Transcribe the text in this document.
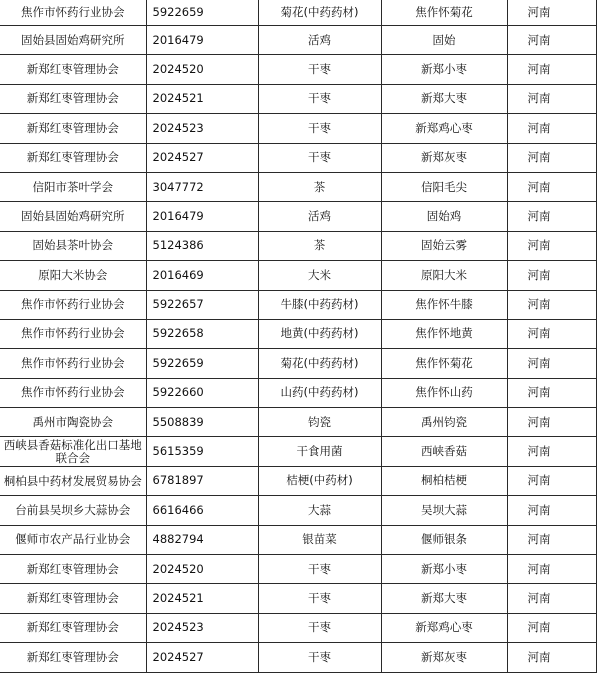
焦作市怀药行业协会	5922659	菊花(中药药材)	焦作怀菊花	河南
固始县固始鸡研究所	2016479	活鸡	固始	河南
新郑红枣管理协会	2024520	干枣	新郑小枣	河南
新郑红枣管理协会	2024521	干枣	新郑大枣	河南
新郑红枣管理协会	2024523	干枣	新郑鸡心枣	河南
新郑红枣管理协会	2024527	干枣	新郑灰枣	河南
信阳市茶叶学会	3047772	茶	信阳毛尖	河南
固始县固始鸡研究所	2016479	活鸡	固始鸡	河南
固始县茶叶协会	5124386	茶	固始云雾	河南
原阳大米协会	2016469	大米	原阳大米	河南
焦作市怀药行业协会	5922657	牛膝(中药药材)	焦作怀牛膝	河南
焦作市怀药行业协会	5922658	地黄(中药药材)	焦作怀地黄	河南
焦作市怀药行业协会	5922659	菊花(中药药材)	焦作怀菊花	河南
焦作市怀药行业协会	5922660	山药(中药药材)	焦作怀山药	河南
禹州市陶瓷协会	5508839	钧瓷	禹州钧瓷	河南
西峡县香菇标准化出口基地联合会	5615359	干食用菌	西峡香菇	河南
桐柏县中药材发展贸易协会	6781897	桔梗(中药材)	桐柏桔梗	河南
台前县吴坝乡大蒜协会	6616466	大蒜	吴坝大蒜	河南
偃师市农产品行业协会	4882794	银苗菜	偃师银条	河南
新郑红枣管理协会	2024520	干枣	新郑小枣	河南
新郑红枣管理协会	2024521	干枣	新郑大枣	河南
新郑红枣管理协会	2024523	干枣	新郑鸡心枣	河南
新郑红枣管理协会	2024527	干枣	新郑灰枣	河南
